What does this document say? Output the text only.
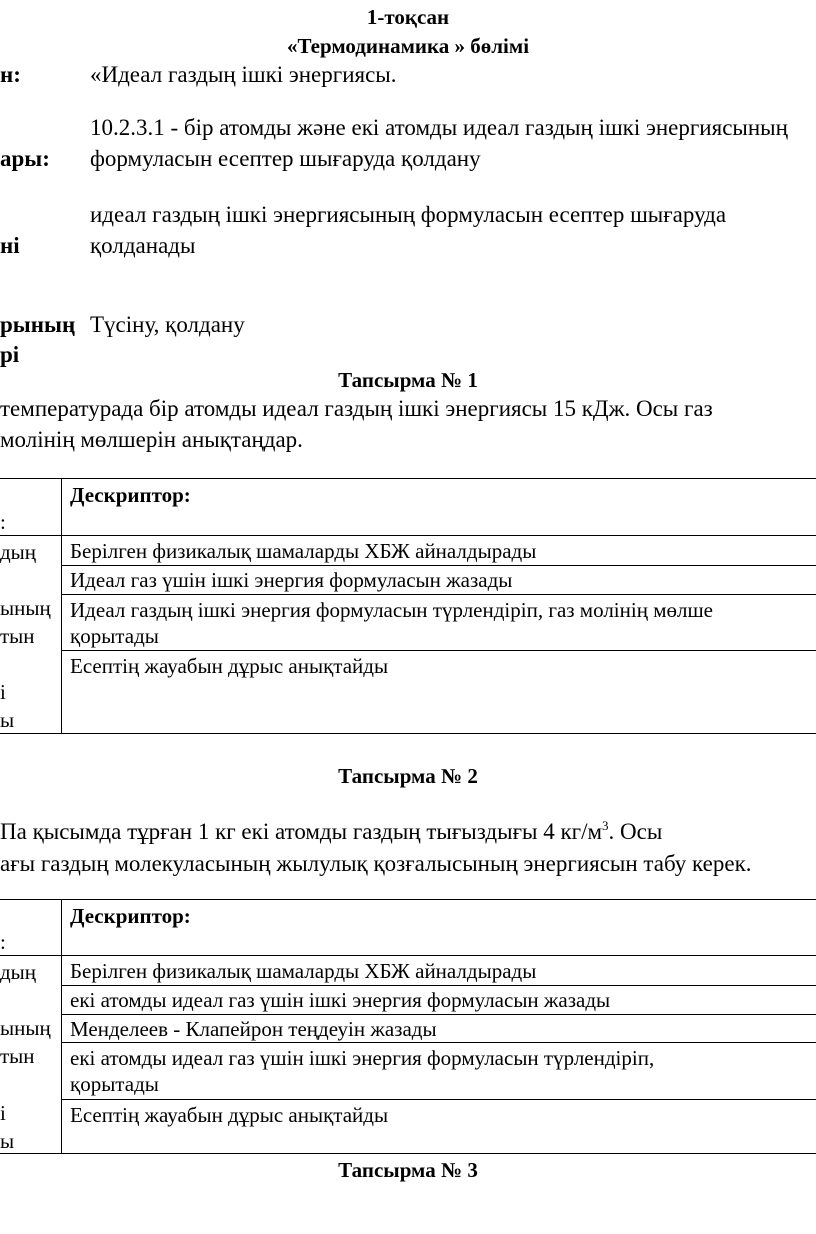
1-тоқсан
«Термодинамика » бөлімі
н:	«Идеал газдың ішкі энергиясы.
10.2.3.1 - бір атомды және екі атомды идеал газдың ішкі энергиясының
ары: формуласын есептер шығаруда қолдану
идеал газдың ішкі энергиясының формуласын есептер шығаруда
ні	қолданады
рының Түсіну, қолдану
рі
Тапсырма № 1
температурада бір атомды идеал газдың ішкі энергиясы 15 кДж. Осы газ
молінің мөлшерін анықтаңдар.
:
дың
ының
тын
і
ы
Дескриптор:
Берілген физикалық шамаларды ХБЖ айналдырады
Идеал газ үшін ішкі энергия формуласын жазады
Идеал газдың ішкі энергия формуласын түрлендіріп, газ молінің мөлше
қорытады
Есептің жауабын дұрыс анықтайды
Тапсырма № 2
Па қысымда тұрған 1 кг екі атомды газдың тығыздығы 4 $кг/м^3$. Осы
ағы газдың молекуласының жылулық қозғалысының энергиясын табу керек.
:
дың
ының
тын
і
ы
Дескриптор:
Берілген физикалық шамаларды ХБЖ айналдырады
екі атомды идеал газ үшін ішкі энергия формуласын жазады
Менделеев - Клапейрон теңдеуін жазады
екі атомды идеал газ үшін ішкі энергия формуласын түрлендіріп,
қорытады
Есептің жауабын дұрыс анықтайды
Тапсырма № 3
